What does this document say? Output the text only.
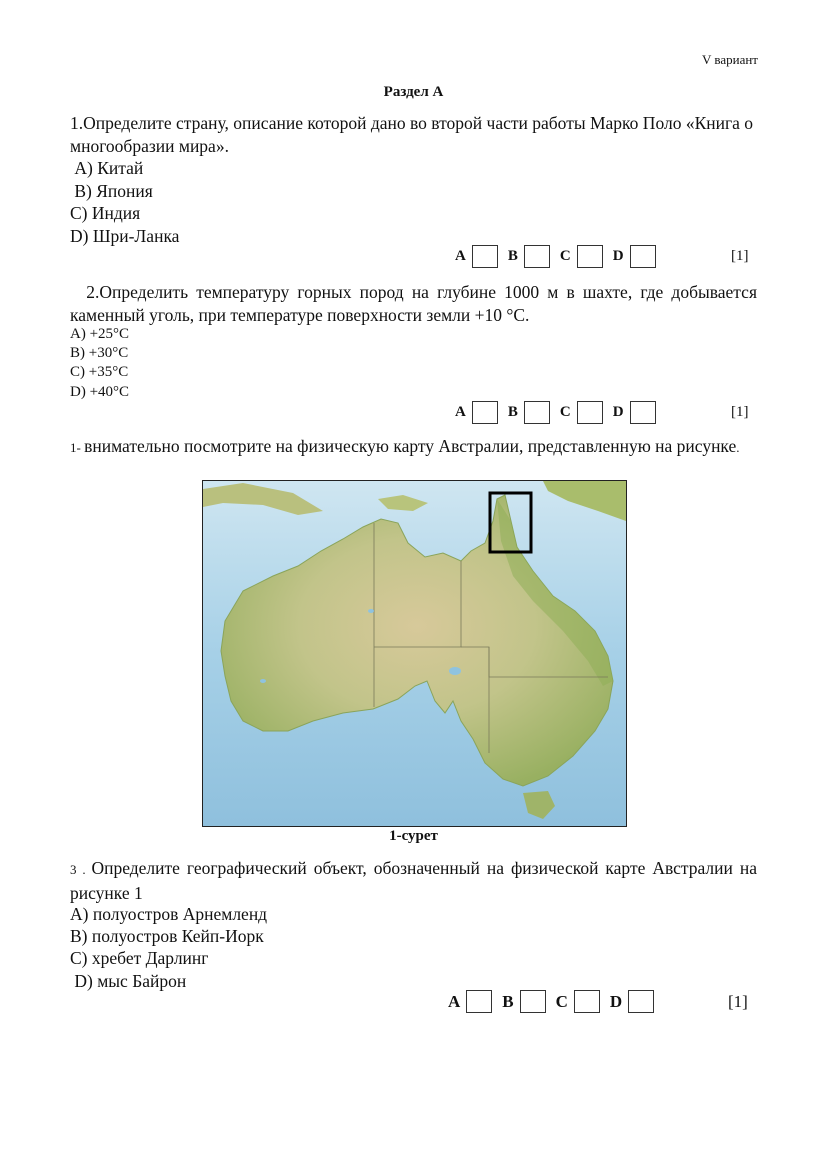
V вариант
Раздел А
1.Определите страну, описание которой дано во второй части работы Марко Поло «Книга о многообразии мира».
А) Китай
В) Япония
С) Индия
D) Шри-Ланка
A	B	C	D	[1]
2.Определить температуру горных пород на глубине 1000 м в шахте, где добывается каменный уголь, при температуре поверхности земли +10 °С.
А) +25°С
В) +30°С
С) +35°С
D) +40°С
A	B	C	D	[1]
1- внимательно посмотрите на физическую карту Австралии, представленную на рисунке.
1-сурет
3 . Определите географический объект, обозначенный на физической карте Австралии на рисунке 1
А) полуостров Арнемленд
В) полуостров Кейп-Иорк
С) хребет Дарлинг
D) мыс Байрон
A B C D	[1]
